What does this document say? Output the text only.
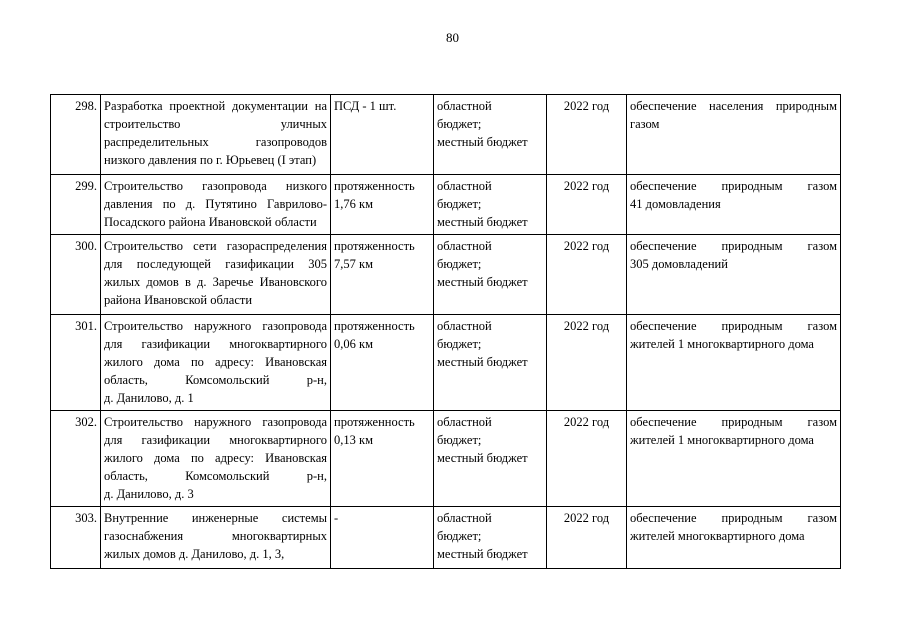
80
298.	Разработка проектной документации на
строительство уличных
распределительных газопроводов
низкого давления по г. Юрьевец (I этап)	ПСД - 1 шт.	областной
бюджет;
местный бюджет	2022 год	обеспечение населения природным
газом

299.	Строительство газопровода низкого
давления по д. Путятино Гаврилово-
Посадского района Ивановской области	протяженность
1,76 км	областной
бюджет;
местный бюджет	2022 год	обеспечение природным газом
41 домовладения

300.	Строительство сети газораспределения
для последующей газификации 305
жилых домов в д. Заречье Ивановского
района Ивановской области	протяженность
7,57 км	областной
бюджет;
местный бюджет	2022 год	обеспечение природным газом
305 домовладений

301.	Строительство наружного газопровода
для газификации многоквартирного
жилого дома по адресу: Ивановская
область, Комсомольский р-н,
д. Данилово, д. 1	протяженность
0,06 км	областной
бюджет;
местный бюджет	2022 год	обеспечение природным газом
жителей 1 многоквартирного дома

302.	Строительство наружного газопровода
для газификации многоквартирного
жилого дома по адресу: Ивановская
область, Комсомольский р-н,
д. Данилово, д. 3	протяженность
0,13 км	областной
бюджет;
местный бюджет	2022 год	обеспечение природным газом
жителей 1 многоквартирного дома

303.	Внутренние инженерные системы
газоснабжения многоквартирных
жилых домов д. Данилово, д. 1, 3,	-	областной
бюджет;
местный бюджет	2022 год	обеспечение природным газом
жителей многоквартирного дома
